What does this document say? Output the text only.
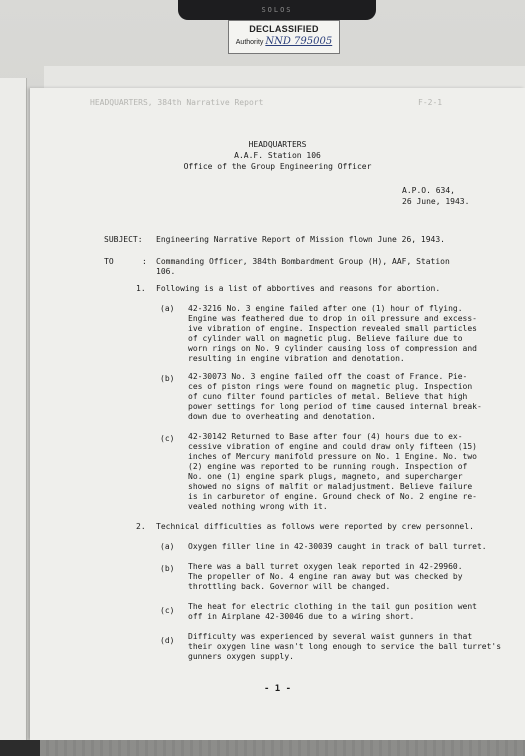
SOLOS
HEADQUARTERS, 384th Narrative Report	F-2-1
HEADQUARTERS
A.A.F. Station 106
Office of the Group Engineering Officer
A.P.O. 634,
26 June, 1943.
SUBJECT: Engineering Narrative Report of Mission flown June 26, 1943.
TO	: Commanding Officer, 384th Bombardment Group (H), AAF, Station
106.
1. Following is a list of abbortives and reasons for abortion.
(a) 42-3216 No. 3 engine failed after one (1) hour of flying.
Engine was feathered due to drop in oil pressure and excess-
ive vibration of engine. Inspection revealed small particles
of cylinder wall on magnetic plug. Believe failure due to
worn rings on No. 9 cylinder causing loss of compression and
resulting in engine vibration and denotation.
(b) 42-30073 No. 3 engine failed off the coast of France. Pie-
ces of piston rings were found on magnetic plug. Inspection
of cuno filter found particles of metal. Believe that high
power settings for long period of time caused internal break-
down due to overheating and denotation.
(c) 42-30142 Returned to Base after four (4) hours due to ex-
cessive vibration of engine and could draw only fifteen (15)
inches of Mercury manifold pressure on No. 1 Engine. No. two
(2) engine was reported to be running rough. Inspection of
No. one (1) engine spark plugs, magneto, and supercharger
showed no signs of malfit or maladjustment. Believe failure
is in carburetor of engine. Ground check of No. 2 engine re-
vealed nothing wrong with it.
2. Technical difficulties as follows were reported by crew personnel.
(a) Oxygen filler line in 42-30039 caught in track of ball turret.
(b) There was a ball turret oxygen leak reported in 42-29960.
The propeller of No. 4 engine ran away but was checked by
throttling back. Governor will be changed.
(c) The heat for electric clothing in the tail gun position went
off in Airplane 42-30046 due to a wiring short.
(d) Difficulty was experienced by several waist gunners in that
their oxygen line wasn't long enough to service the ball turret's
gunners oxygen supply.
- 1 -
DECLASSIFIED
Authority NND 795005
